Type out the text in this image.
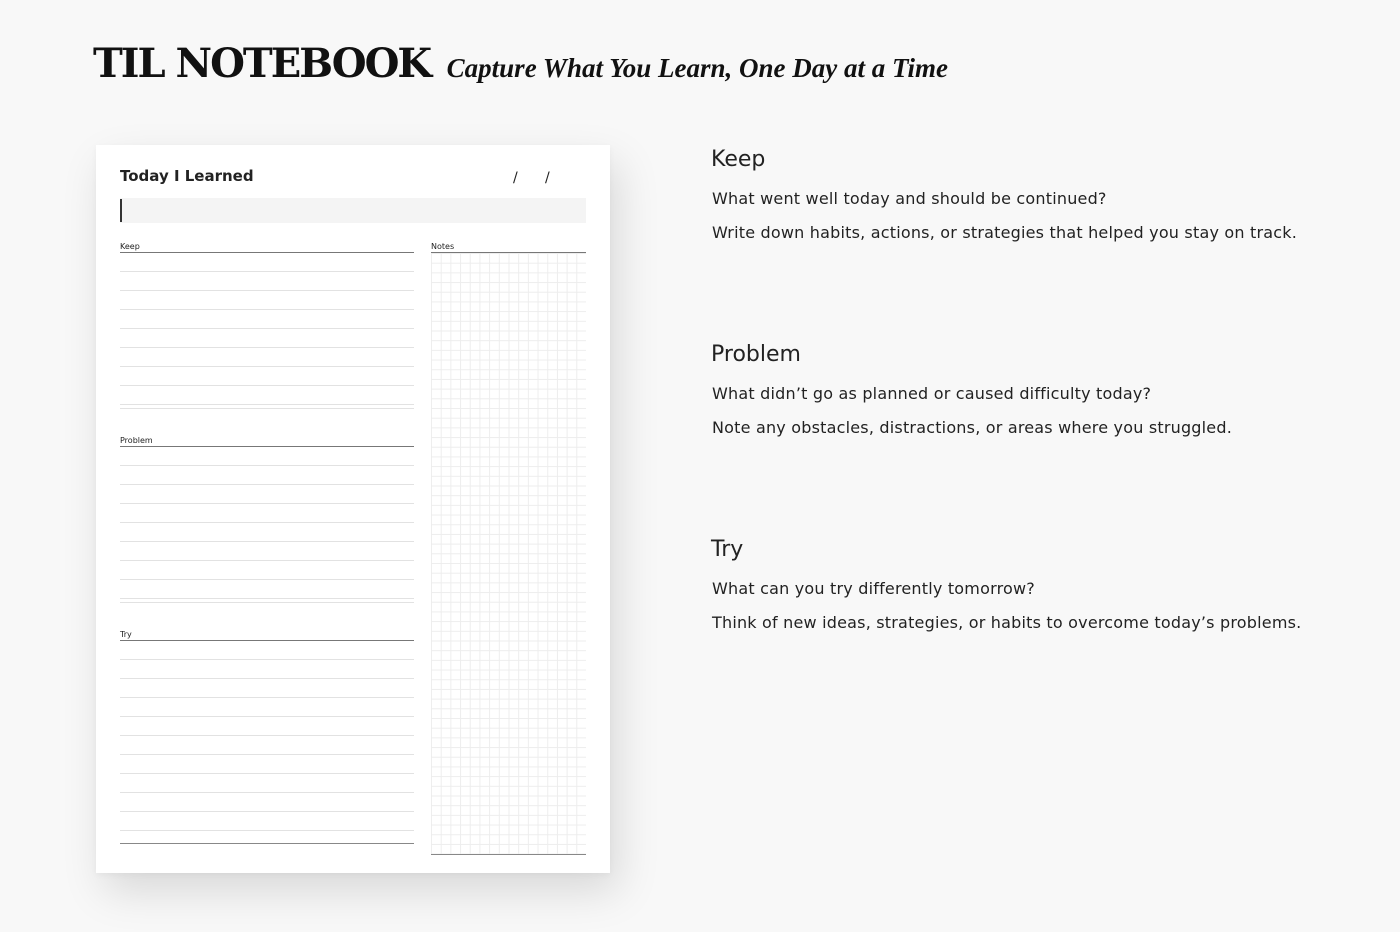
TIL NOTEBOOK Capture What You Learn, One Day at a Time
Today I Learned	/ /
Keep
Problem
Try
Notes
Keep

What went well today and should be continued?

Write down habits, actions, or strategies that helped you stay on track.

Problem

What didn’t go as planned or caused difficulty today?

Note any obstacles, distractions, or areas where you struggled.

Try

What can you try differently tomorrow?

Think of new ideas, strategies, or habits to overcome today’s problems.
